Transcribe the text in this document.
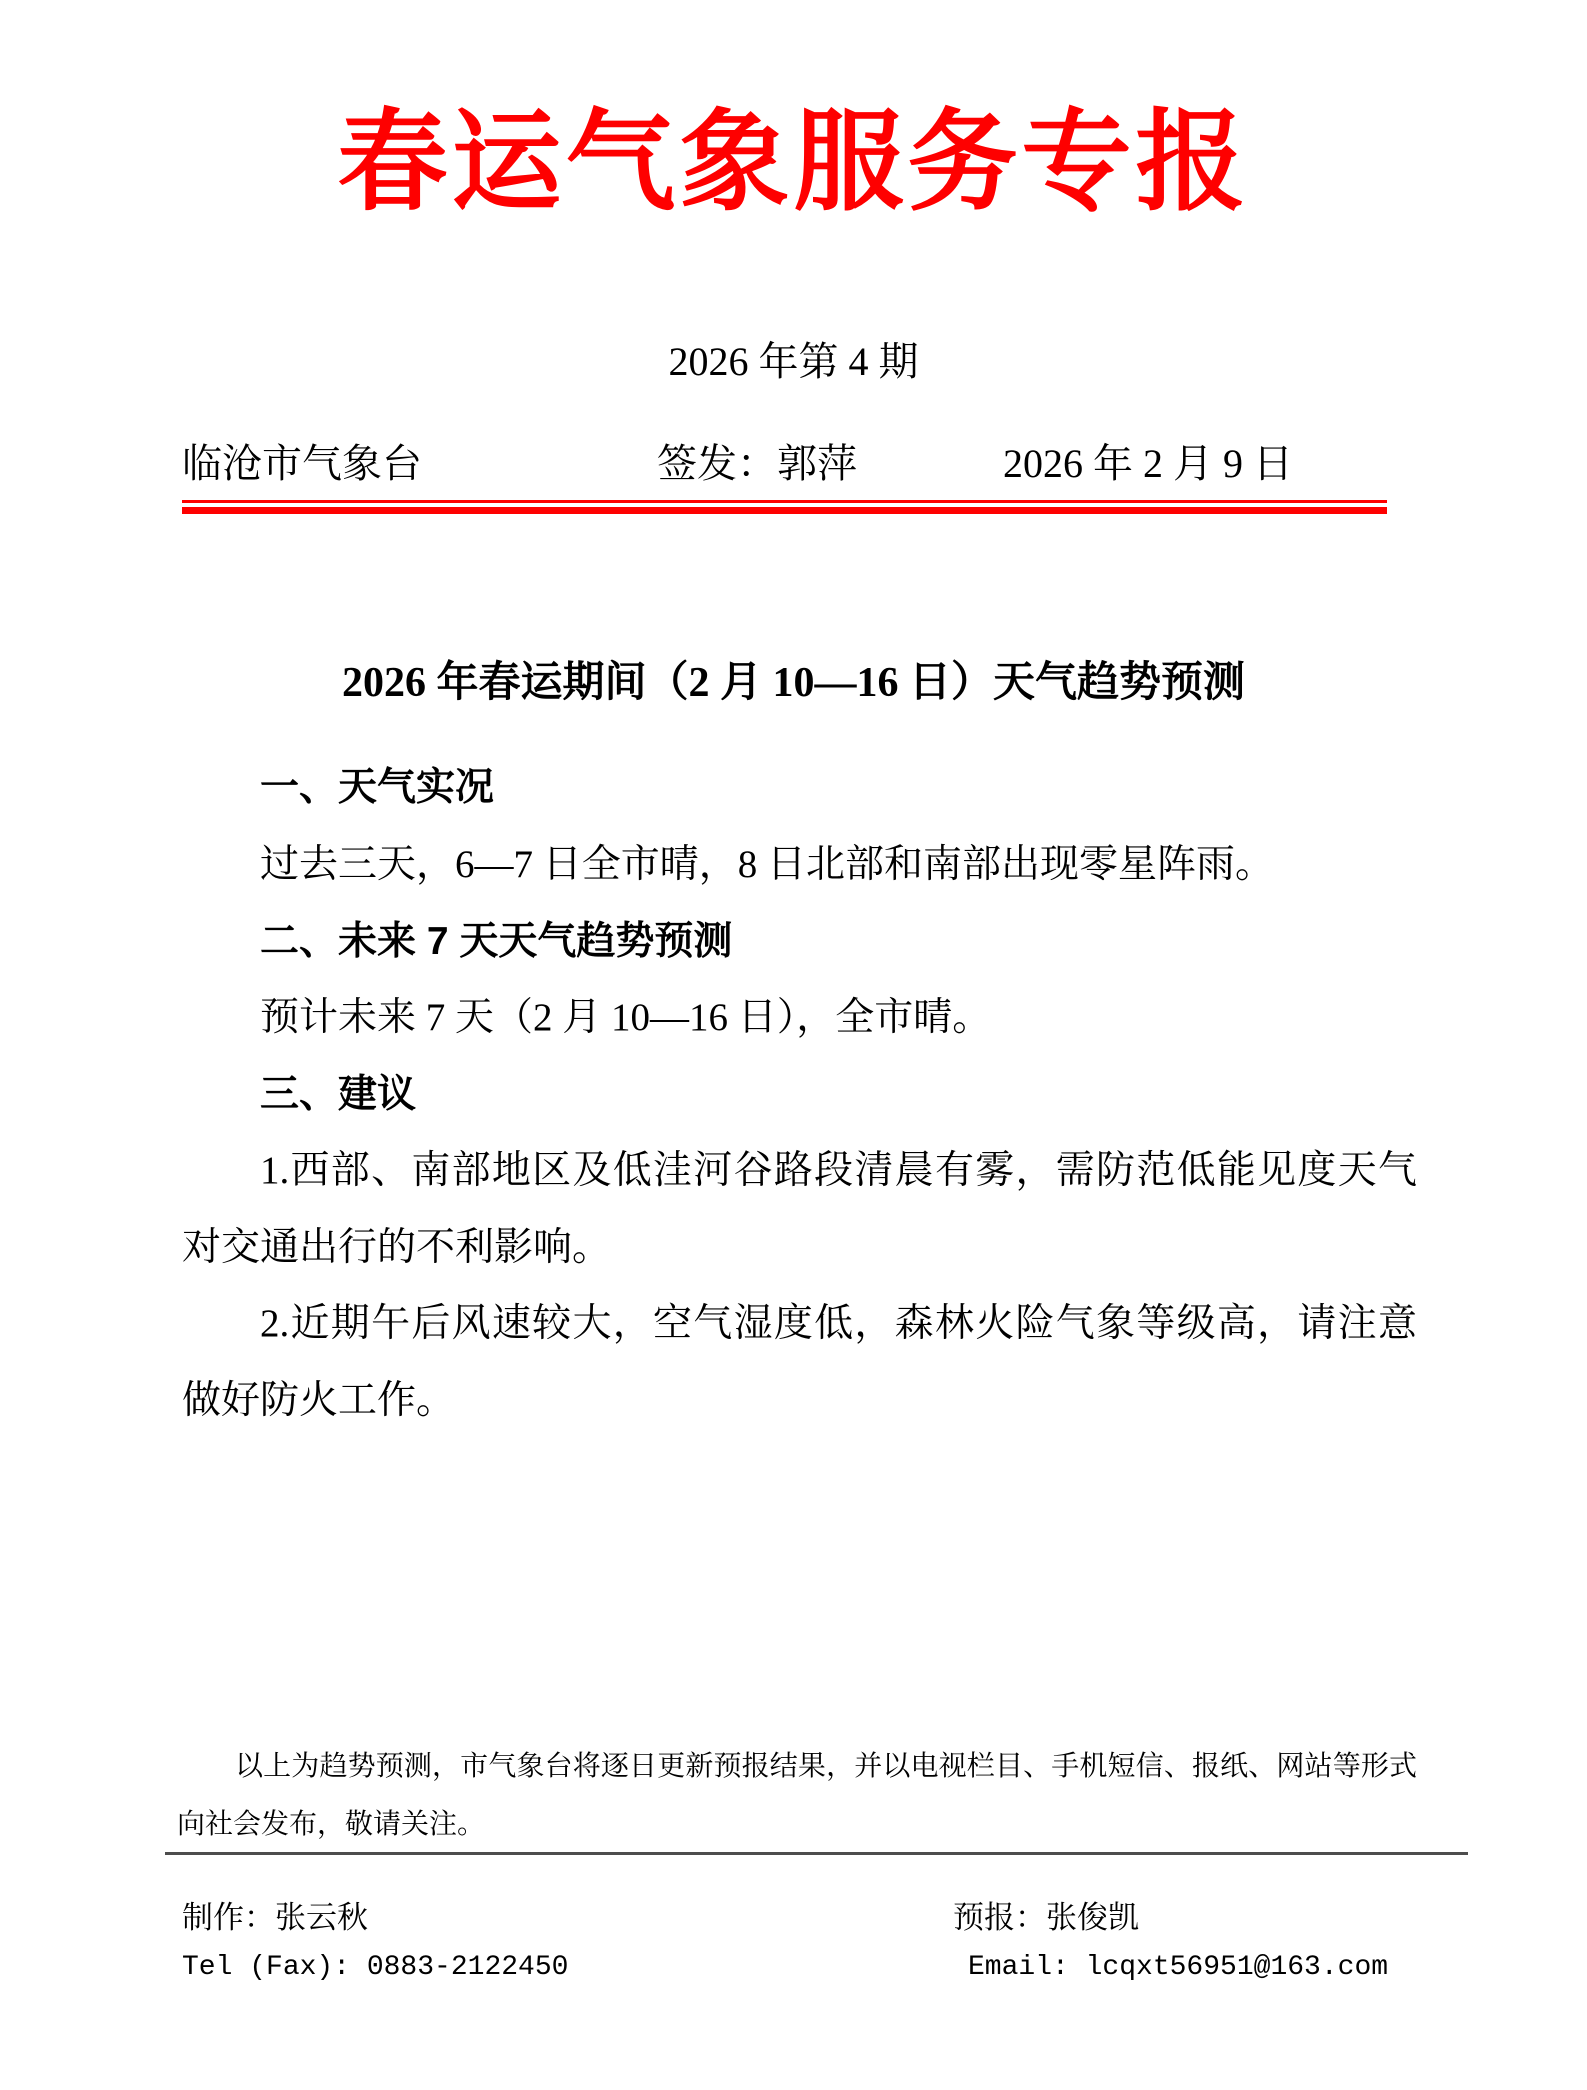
春运气象服务专报
2026 年第 4 期
临沧市气象台	签发：郭萍	2026 年 2 月 9 日
2026 年春运期间（2 月 10—16 日）天气趋势预测
一、天气实况
过去三天，6—7 日全市晴，8 日北部和南部出现零星阵雨。
二、未来 7 天天气趋势预测
预计未来 7 天（2 月 10—16 日），全市晴。
三、建议
1.西部、南部地区及低洼河谷路段清晨有雾，需防范低能见度天气对交通出行的不利影响。
2.近期午后风速较大，空气湿度低，森林火险气象等级高，请注意做好防火工作。
以上为趋势预测，市气象台将逐日更新预报结果，并以电视栏目、手机短信、报纸、网站等形式向社会发布，敬请关注。
制作：张云秋
Tel (Fax): 0883-2122450
预报：张俊凯
Email: lcqxt56951@163.com
